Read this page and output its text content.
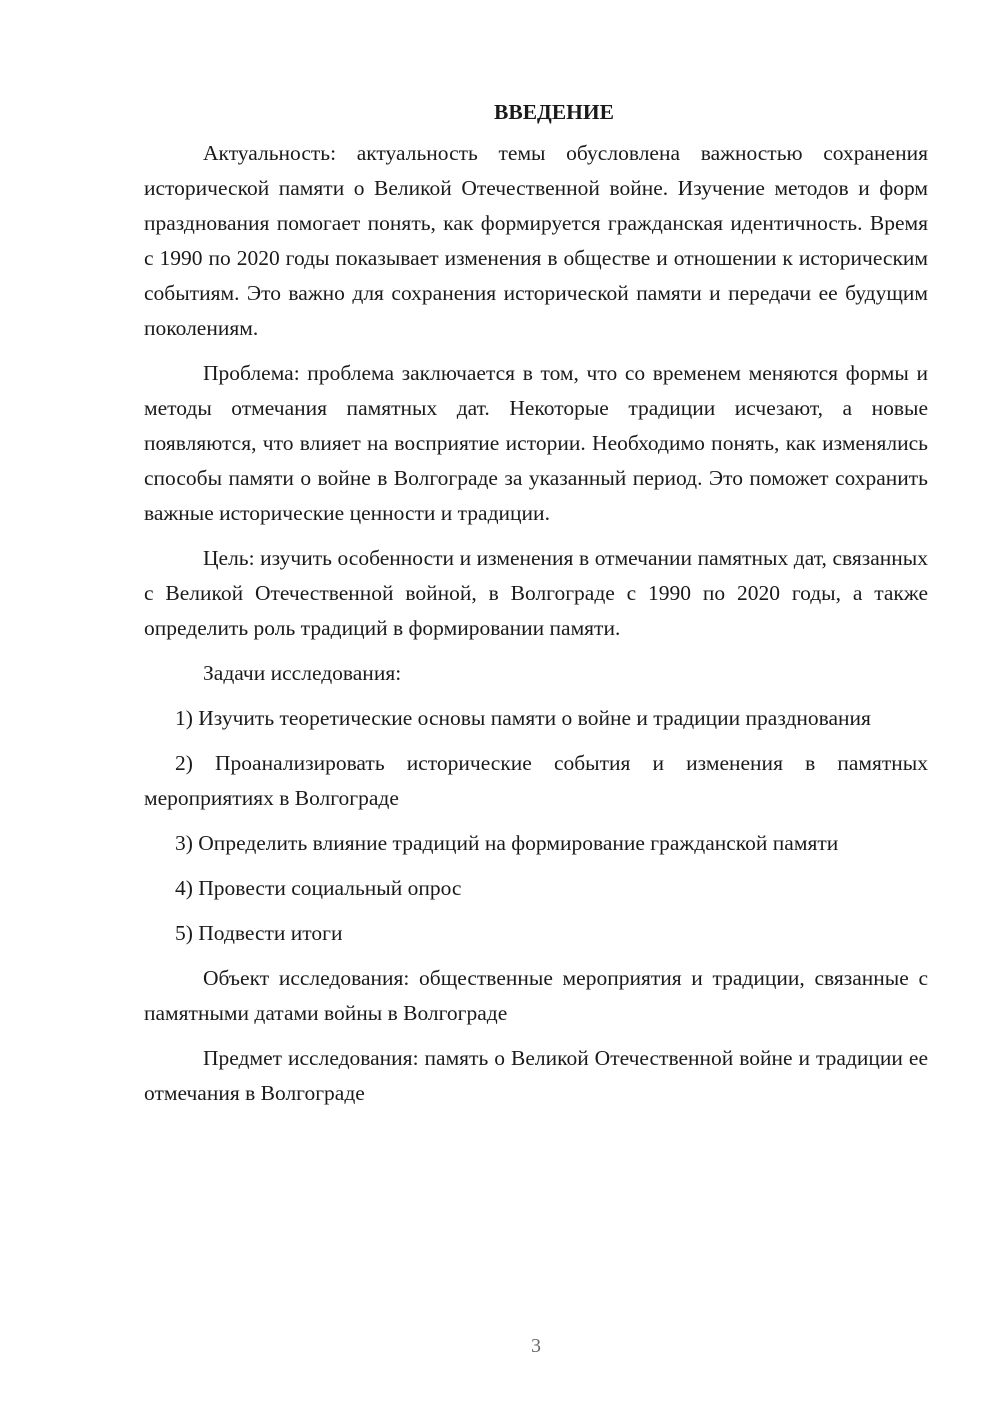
ВВЕДЕНИЕ

Актуальность: актуальность темы обусловлена важностью сохранения исторической памяти о Великой Отечественной войне. Изучение методов и форм празднования помогает понять, как формируется гражданская идентичность. Время с 1990 по 2020 годы показывает изменения в обществе и отношении к историческим событиям. Это важно для сохранения исторической памяти и передачи ее будущим поколениям.

Проблема: проблема заключается в том, что со временем меняются формы и методы отмечания памятных дат. Некоторые традиции исчезают, а новые появляются, что влияет на восприятие истории. Необходимо понять, как изменялись способы памяти о войне в Волгограде за указанный период. Это поможет сохранить важные исторические ценности и традиции.

Цель: изучить особенности и изменения в отмечании памятных дат, связанных с Великой Отечественной войной, в Волгограде с 1990 по 2020 годы, а также определить роль традиций в формировании памяти.

Задачи исследования:

1) Изучить теоретические основы памяти о войне и традиции празднования

2) Проанализировать исторические события и изменения в памятных мероприятиях в Волгограде

3) Определить влияние традиций на формирование гражданской памяти

4) Провести социальный опрос

5) Подвести итоги

Объект исследования: общественные мероприятия и традиции, связанные с памятными датами войны в Волгограде

Предмет исследования: память о Великой Отечественной войне и традиции ее отмечания в Волгограде

3
